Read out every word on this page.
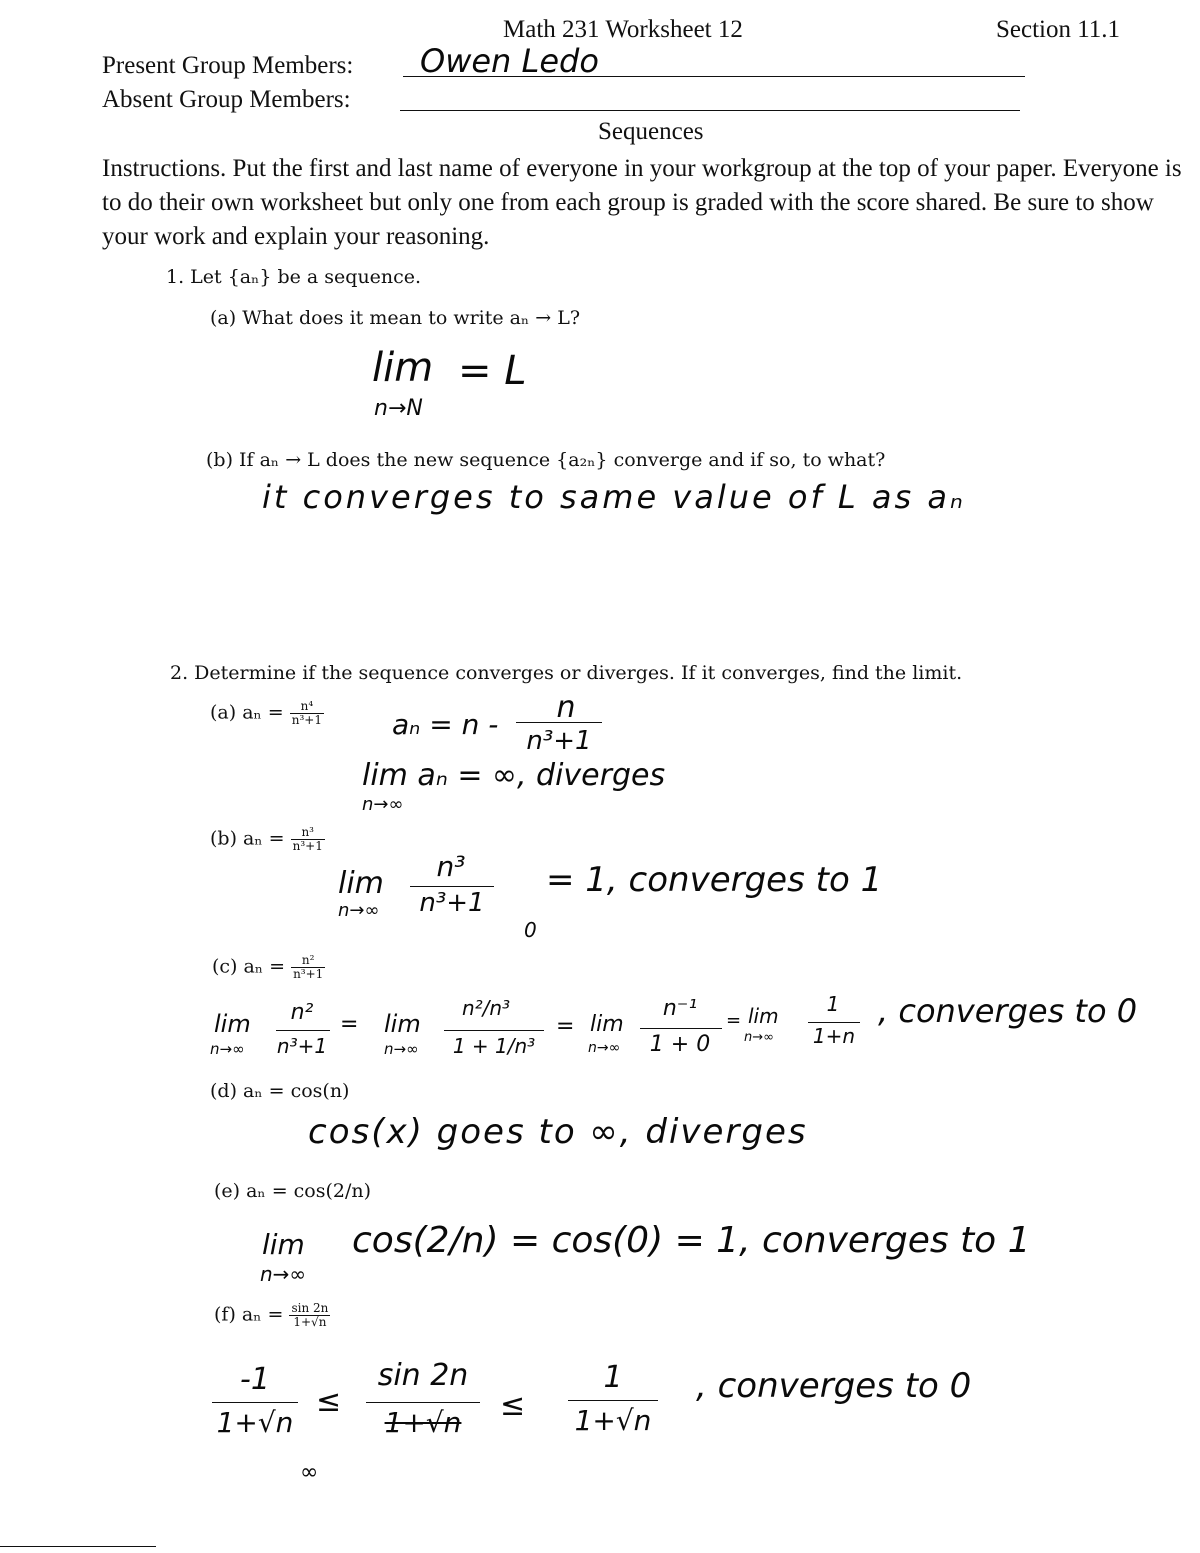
Math 231 Worksheet 12	Section 11.1
Present Group Members: Owen Ledo
Absent Group Members:
Sequences
Instructions. Put the first and last name of everyone in your workgroup at the top of your paper. Everyone is to do their own worksheet but only one from each group is graded with the score shared. Be sure to show your work and explain your reasoning.
1. Let {aₙ} be a sequence.
(a) What does it mean to write aₙ → L?
lim
n→N
= L
(b) If aₙ → L does the new sequence {a₂ₙ} converge and if so, to what?
it converges to same value of L as aₙ
2. Determine if the sequence converges or diverges. If it converges, find the limit.
(a) $a_n = \frac{\text{n⁴}}{\text{n³+1}}$ aₙ = n -	n
n³+1
lim aₙ = ∞, diverges
n→∞
(b) $a_n = \frac{\text{n³}}{\text{n³+1}}$
lim
n→∞
n³
n³+1
0
= 1, converges to 1
(c) $a_n = \frac{\text{n²}}{\text{n³+1}}$
lim
n→∞
n²
n³+1
= lim
n→∞
n²/n³
1 + 1/n³
= lim
n→∞
n⁻¹
1 + 0
= lim
n→∞
1
1+n
, converges to 0
(d) aₙ = cos(n)
cos(x) goes to ∞, diverges
(e) aₙ = cos(2/n)
lim
n→∞
cos(2/n) = cos(0) = 1, converges to 1
(f) $a_n = \frac{\sin 2n}{1+√n}$
-1
1+√n
≤
sin 2n
1+√n
∞
≤
1
1+√n
, converges to 0
